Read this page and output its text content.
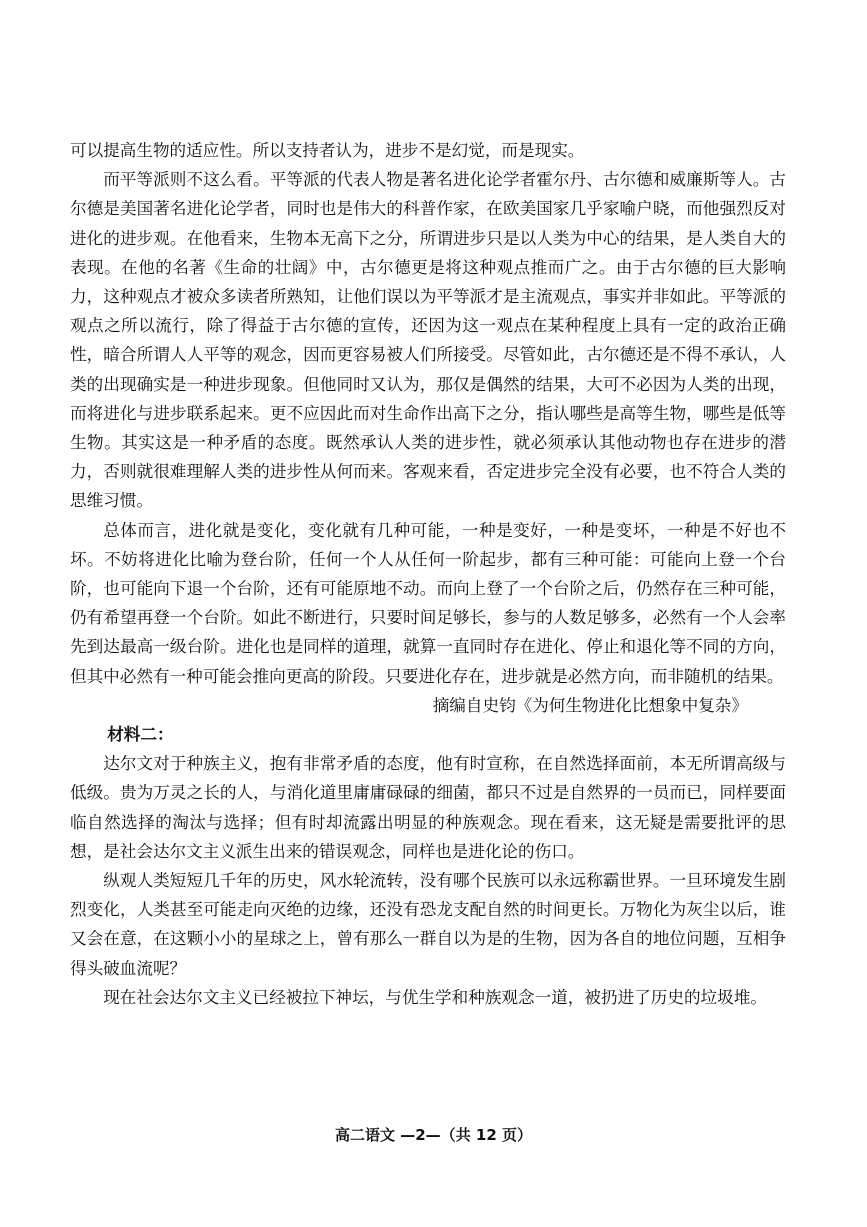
可以提高生物的适应性。所以支持者认为，进步不是幻觉，而是现实。

而平等派则不这么看。平等派的代表人物是著名进化论学者霍尔丹、古尔德和威廉斯等人。古尔德是美国著名进化论学者，同时也是伟大的科普作家，在欧美国家几乎家喻户晓，而他强烈反对进化的进步观。在他看来，生物本无高下之分，所谓进步只是以人类为中心的结果，是人类自大的表现。在他的名著《生命的壮阔》中，古尔德更是将这种观点推而广之。由于古尔德的巨大影响力，这种观点才被众多读者所熟知，让他们误以为平等派才是主流观点，事实并非如此。平等派的观点之所以流行，除了得益于古尔德的宣传，还因为这一观点在某种程度上具有一定的政治正确性，暗合所谓人人平等的观念，因而更容易被人们所接受。尽管如此，古尔德还是不得不承认，人类的出现确实是一种进步现象。但他同时又认为，那仅是偶然的结果，大可不必因为人类的出现，而将进化与进步联系起来。更不应因此而对生命作出高下之分，指认哪些是高等生物，哪些是低等生物。其实这是一种矛盾的态度。既然承认人类的进步性，就必须承认其他动物也存在进步的潜力，否则就很难理解人类的进步性从何而来。客观来看，否定进步完全没有必要，也不符合人类的思维习惯。

总体而言，进化就是变化，变化就有几种可能，一种是变好，一种是变坏，一种是不好也不坏。不妨将进化比喻为登台阶，任何一个人从任何一阶起步，都有三种可能：可能向上登一个台阶，也可能向下退一个台阶，还有可能原地不动。而向上登了一个台阶之后，仍然存在三种可能，仍有希望再登一个台阶。如此不断进行，只要时间足够长，参与的人数足够多，必然有一个人会率先到达最高一级台阶。进化也是同样的道理，就算一直同时存在进化、停止和退化等不同的方向，但其中必然有一种可能会推向更高的阶段。只要进化存在，进步就是必然方向，而非随机的结果。

摘编自史钧《为何生物进化比想象中复杂》

材料二：

达尔文对于种族主义，抱有非常矛盾的态度，他有时宣称，在自然选择面前，本无所谓高级与低级。贵为万灵之长的人，与消化道里庸庸碌碌的细菌，都只不过是自然界的一员而已，同样要面临自然选择的淘汰与选择；但有时却流露出明显的种族观念。现在看来，这无疑是需要批评的思想，是社会达尔文主义派生出来的错误观念，同样也是进化论的伤口。

纵观人类短短几千年的历史，风水轮流转，没有哪个民族可以永远称霸世界。一旦环境发生剧烈变化，人类甚至可能走向灭绝的边缘，还没有恐龙支配自然的时间更长。万物化为灰尘以后，谁又会在意，在这颗小小的星球之上，曾有那么一群自以为是的生物，因为各自的地位问题，互相争得头破血流呢？

现在社会达尔文主义已经被拉下神坛，与优生学和种族观念一道，被扔进了历史的垃圾堆。

高二语文 —2—（共 12 页）
